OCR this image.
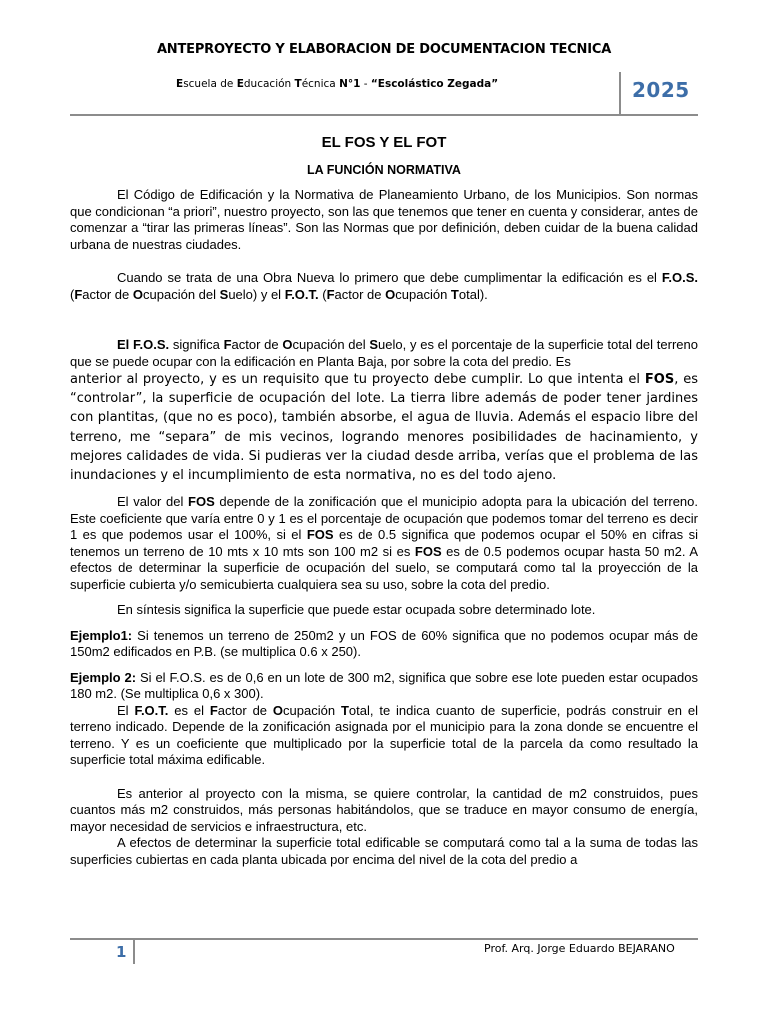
ANTEPROYECTO Y ELABORACION DE DOCUMENTACION TECNICA
Escuela de Educación Técnica N°1 - “Escolástico Zegada”	2025
EL FOS Y EL FOT
LA FUNCIÓN NORMATIVA

El Código de Edificación y la Normativa de Planeamiento Urbano, de los Municipios. Son normas que condicionan “a priori”, nuestro proyecto, son las que tenemos que tener en cuenta y considerar, antes de comenzar a “tirar las primeras líneas”. Son las Normas que por definición, deben cuidar de la buena calidad urbana de nuestras ciudades.

Cuando se trata de una Obra Nueva lo primero que debe cumplimentar la edificación es el F.O.S. (Factor de Ocupación del Suelo) y el F.O.T. (Factor de Ocupación Total).

El F.O.S. significa Factor de Ocupación del Suelo, y es el porcentaje de la superficie total del terreno que se puede ocupar con la edificación en Planta Baja, por sobre la cota del predio. Es

anterior al proyecto, y es un requisito que tu proyecto debe cumplir. Lo que intenta el FOS, es “controlar”, la superficie de ocupación del lote. La tierra libre además de poder tener jardines con plantitas, (que no es poco), también absorbe, el agua de lluvia. Además el espacio libre del terreno, me “separa” de mis vecinos, logrando menores posibilidades de hacinamiento, y mejores calidades de vida. Si pudieras ver la ciudad desde arriba, verías que el problema de las inundaciones y el incumplimiento de esta normativa, no es del todo ajeno.

El valor del FOS depende de la zonificación que el municipio adopta para la ubicación del terreno. Este coeficiente que varía entre 0 y 1 es el porcentaje de ocupación que podemos tomar del terreno es decir 1 es que podemos usar el 100%, si el FOS es de 0.5 significa que podemos ocupar el 50% en cifras si tenemos un terreno de 10 mts x 10 mts son 100 m2 si es FOS es de 0.5 podemos ocupar hasta 50 m2. A efectos de determinar la superficie de ocupación del suelo, se computará como tal la proyección de la superficie cubierta y/o semicubierta cualquiera sea su uso, sobre la cota del predio.

En síntesis significa la superficie que puede estar ocupada sobre determinado lote.

Ejemplo1: Si tenemos un terreno de 250m2 y un FOS de 60% significa que no podemos ocupar más de 150m2 edificados en P.B. (se multiplica 0.6 x 250).

Ejemplo 2: Si el F.O.S. es de 0,6 en un lote de 300 m2, significa que sobre ese lote pueden estar ocupados 180 m2. (Se multiplica 0,6 x 300).

El F.O.T. es el Factor de Ocupación Total, te indica cuanto de superficie, podrás construir en el terreno indicado. Depende de la zonificación asignada por el municipio para la zona donde se encuentre el terreno. Y es un coeficiente que multiplicado por la superficie total de la parcela da como resultado la superficie total máxima edificable.

Es anterior al proyecto con la misma, se quiere controlar, la cantidad de m2 construidos, pues cuantos más m2 construidos, más personas habitándolos, que se traduce en mayor consumo de energía, mayor necesidad de servicios e infraestructura, etc.

A efectos de determinar la superficie total edificable se computará como tal a la suma de todas las superficies cubiertas en cada planta ubicada por encima del nivel de la cota del predio a

1	Prof. Arq. Jorge Eduardo BEJARANO
